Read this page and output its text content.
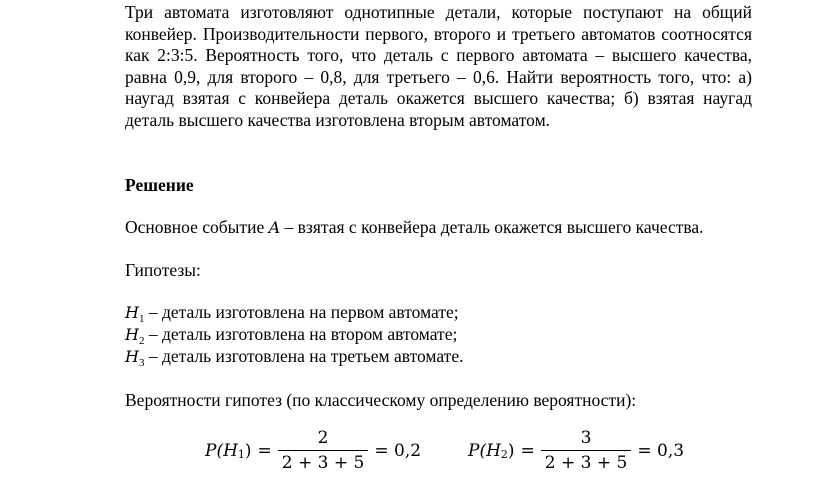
Три автомата изготовляют однотипные детали, которые поступают на общий конвейер. Производительности первого, второго и третьего автоматов соотносятся как 2:3:5. Вероятность того, что деталь с первого автомата – высшего качества, равна 0,9, для второго – 0,8, для третьего – 0,6. Найти вероятность того, что: а) наугад взятая с конвейера деталь окажется высшего качества; б) взятая наугад деталь высшего качества изготовлена вторым автоматом.
Решение
Основное событие A – взятая с конвейера деталь окажется высшего качества.
Гипотезы:
$H_1$ – деталь изготовлена на первом автомате;
$H_2$ – деталь изготовлена на втором автомате;
$H_3$ – деталь изготовлена на третьем автомате.
Вероятности гипотез (по классическому определению вероятности):
P( H 1 ) = $\frac{2}{2 + 3 + 5} = 0,2$	P( H 2 ) = $\frac{3}{2 + 3 + 5} = 0,3$
